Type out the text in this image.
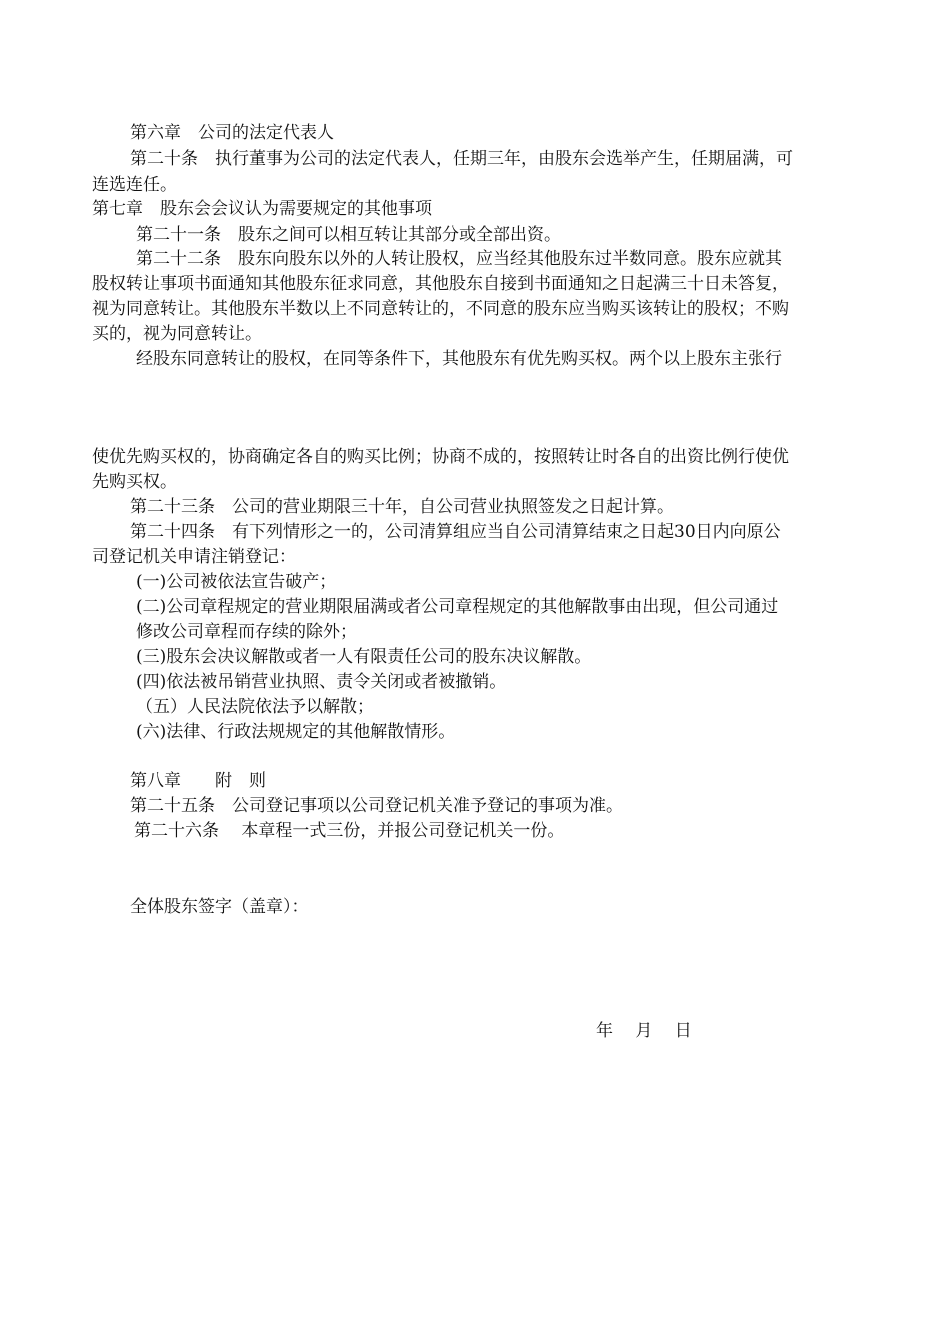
第六章　公司的法定代表人
第二十条　执行董事为公司的法定代表人，任期三年，由股东会选举产生，任期届满，可
连选连任。
第七章　股东会会议认为需要规定的其他事项
第二十一条　股东之间可以相互转让其部分或全部出资。
第二十二条　股东向股东以外的人转让股权，应当经其他股东过半数同意。股东应就其
股权转让事项书面通知其他股东征求同意，其他股东自接到书面通知之日起满三十日未答复，
视为同意转让。其他股东半数以上不同意转让的，不同意的股东应当购买该转让的股权；不购
买的，视为同意转让。
经股东同意转让的股权，在同等条件下，其他股东有优先购买权。两个以上股东主张行
使优先购买权的，协商确定各自的购买比例；协商不成的，按照转让时各自的出资比例行使优
先购买权。
第二十三条　公司的营业期限三十年，自公司营业执照签发之日起计算。
第二十四条　有下列情形之一的，公司清算组应当自公司清算结束之日起30日内向原公
司登记机关申请注销登记：
(一)公司被依法宣告破产；
(二)公司章程规定的营业期限届满或者公司章程规定的其他解散事由出现，但公司通过
修改公司章程而存续的除外；
(三)股东会决议解散或者一人有限责任公司的股东决议解散。
(四)依法被吊销营业执照、责令关闭或者被撤销。
（五）人民法院依法予以解散；
(六)法律、行政法规规定的其他解散情形。
第八章　　附　则
第二十五条　公司登记事项以公司登记机关准予登记的事项为准。
第二十六条　 本章程一式三份，并报公司登记机关一份。
全体股东签字（盖章）：
年　 月　 日
